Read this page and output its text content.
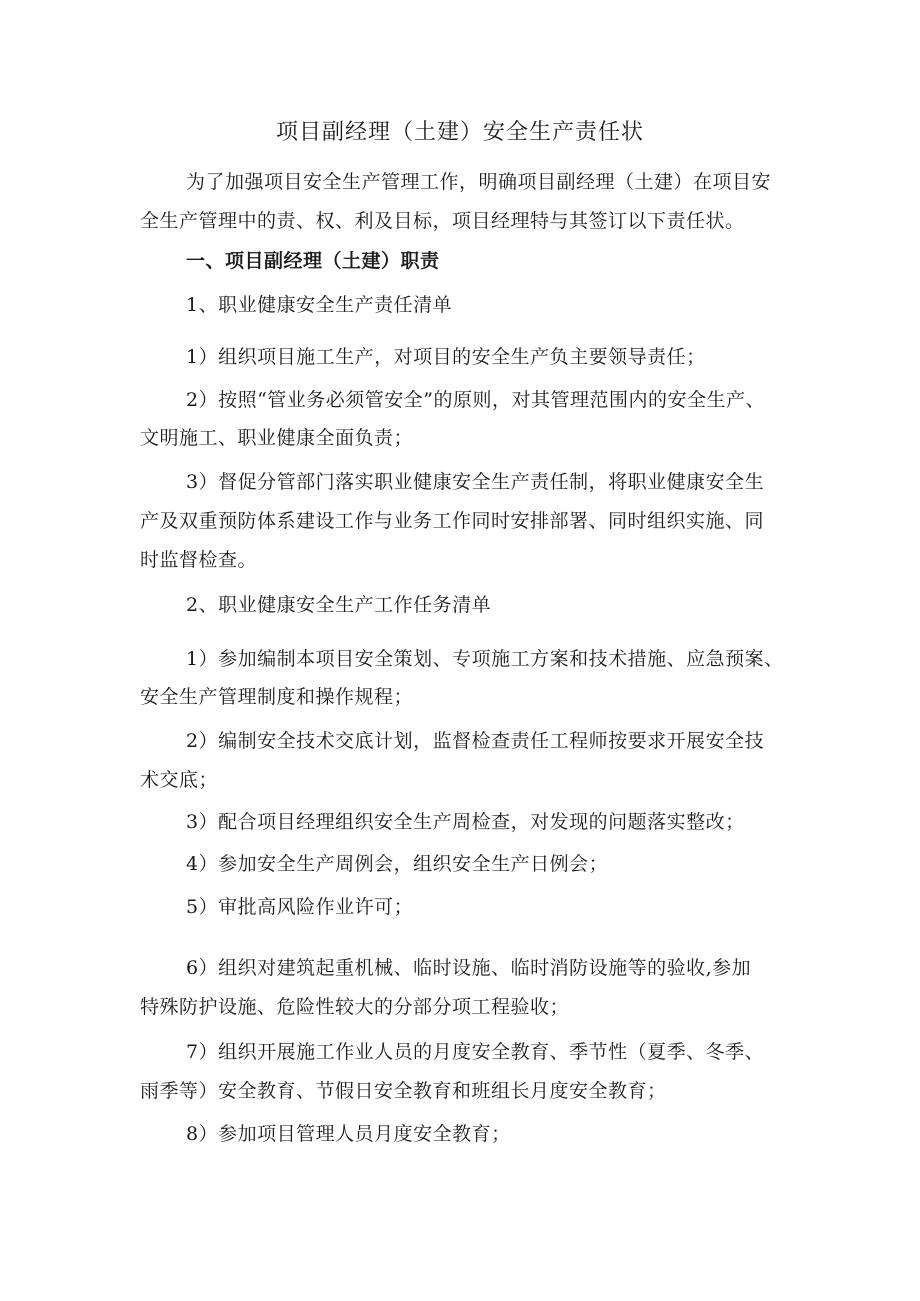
项目副经理（土建）安全生产责任状
为了加强项目安全生产管理工作，明确项目副经理（土建）在项目安
全生产管理中的责、权、利及目标，项目经理特与其签订以下责任状。
一、项目副经理（土建）职责
1、职业健康安全生产责任清单
1）组织项目施工生产，对项目的安全生产负主要领导责任；
2）按照“管业务必须管安全”的原则，对其管理范围内的安全生产、
文明施工、职业健康全面负责；
3）督促分管部门落实职业健康安全生产责任制，将职业健康安全生
产及双重预防体系建设工作与业务工作同时安排部署、同时组织实施、同
时监督检查。
2、职业健康安全生产工作任务清单
1）参加编制本项目安全策划、专项施工方案和技术措施、应急预案、
安全生产管理制度和操作规程；
2）编制安全技术交底计划，监督检查责任工程师按要求开展安全技
术交底；
3）配合项目经理组织安全生产周检查，对发现的问题落实整改；
4）参加安全生产周例会，组织安全生产日例会；
5）审批高风险作业许可；
6）组织对建筑起重机械、临时设施、临时消防设施等的验收,参加
特殊防护设施、危险性较大的分部分项工程验收；
7）组织开展施工作业人员的月度安全教育、季节性（夏季、冬季、
雨季等）安全教育、节假日安全教育和班组长月度安全教育；
8）参加项目管理人员月度安全教育；
